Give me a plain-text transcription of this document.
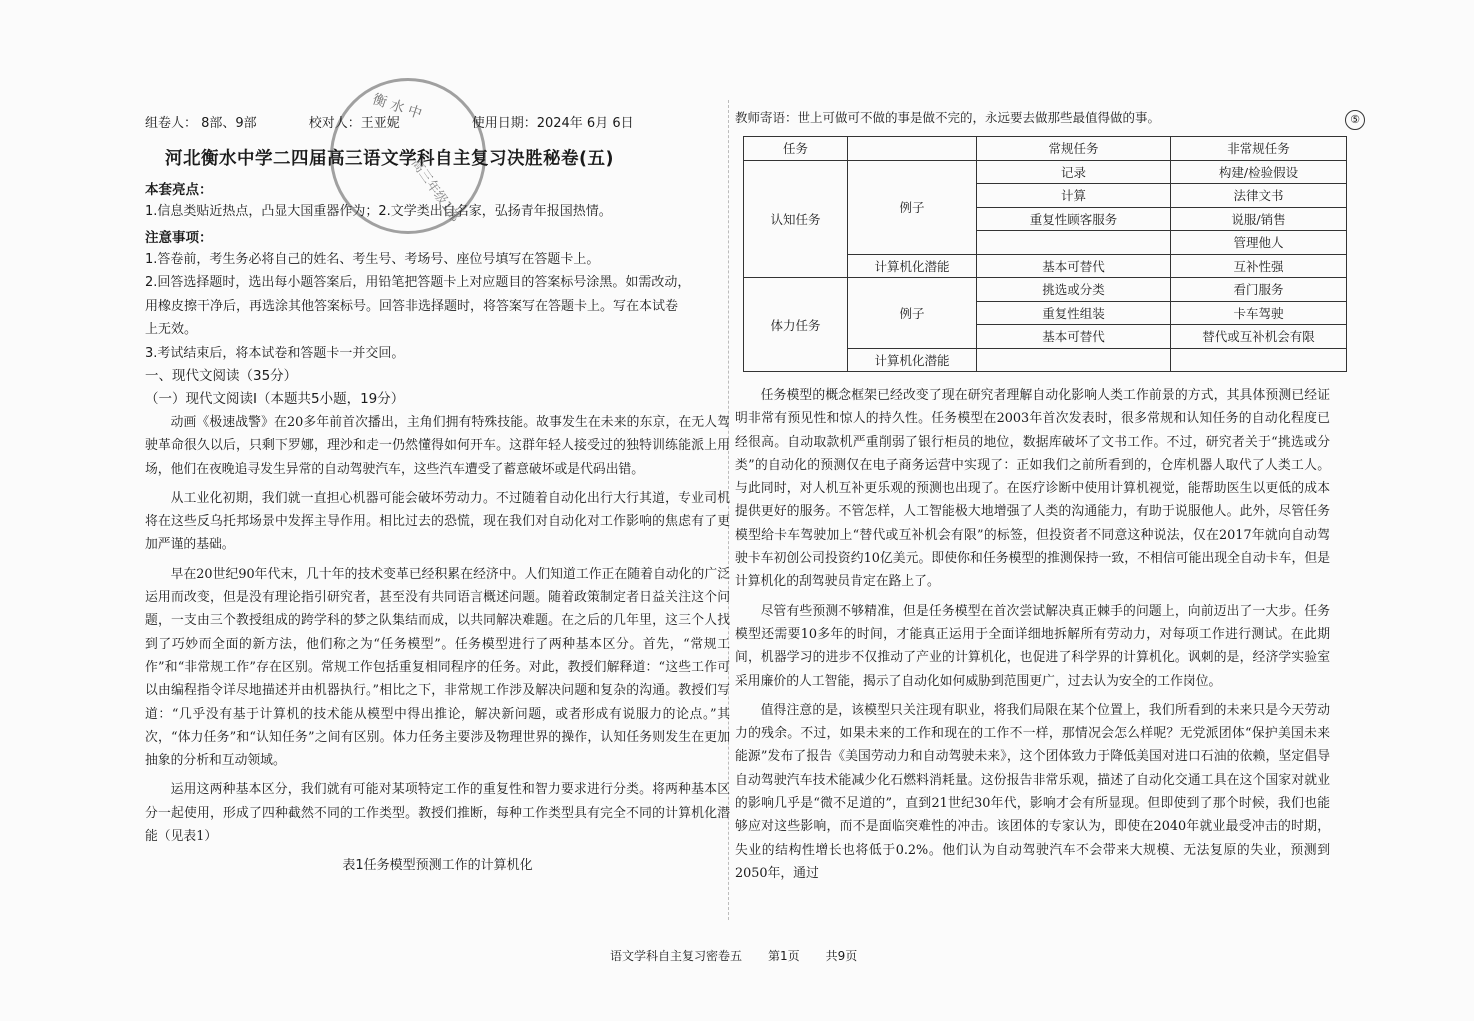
衡 水 中
高三年级1部
组卷人： 8部、9部	校对人：王亚妮	使用日期：2024年 6月 6日
河北衡水中学二四届高三语文学科自主复习决胜秘卷(五)
本套亮点：
1.信息类贴近热点，凸显大国重器作为；2.文学类出自名家，弘扬青年报国热情。
注意事项：
1.答卷前，考生务必将自己的姓名、考生号、考场号、座位号填写在答题卡上。
2.回答选择题时，选出每小题答案后，用铅笔把答题卡上对应题目的答案标号涂黑。如需改动，
用橡皮擦干净后，再选涂其他答案标号。回答非选择题时，将答案写在答题卡上。写在本试卷
上无效。
3.考试结束后，将本试卷和答题卡一并交回。
一、现代文阅读（35分）
（一）现代文阅读Ⅰ（本题共5小题，19分）

动画《极速战警》在20多年前首次播出，主角们拥有特殊技能。故事发生在未来的东京，在无人驾驶革命很久以后，只剩下罗娜，理沙和走一仍然懂得如何开车。这群年轻人接受过的独特训练能派上用场，他们在夜晚追寻发生异常的自动驾驶汽车，这些汽车遭受了蓄意破坏或是代码出错。

从工业化初期，我们就一直担心机器可能会破坏劳动力。不过随着自动化出行大行其道，专业司机将在这些反乌托邦场景中发挥主导作用。相比过去的恐慌，现在我们对自动化对工作影响的焦虑有了更加严谨的基础。

早在20世纪90年代末，几十年的技术变革已经积累在经济中。人们知道工作正在随着自动化的广泛运用而改变，但是没有理论指引研究者，甚至没有共同语言概述问题。随着政策制定者日益关注这个问题，一支由三个教授组成的跨学科的梦之队集结而成，以共同解决难题。在之后的几年里，这三个人找到了巧妙而全面的新方法，他们称之为“任务模型”。任务模型进行了两种基本区分。首先，“常规工作”和“非常规工作”存在区别。常规工作包括重复相同程序的任务。对此，教授们解释道：“这些工作可以由编程指令详尽地描述并由机器执行。”相比之下，非常规工作涉及解决问题和复杂的沟通。教授们写道：“几乎没有基于计算机的技术能从模型中得出推论，解决新问题，或者形成有说服力的论点。”其次，“体力任务”和“认知任务”之间有区别。体力任务主要涉及物理世界的操作，认知任务则发生在更加抽象的分析和互动领域。

运用这两种基本区分，我们就有可能对某项特定工作的重复性和智力要求进行分类。将两种基本区分一起使用，形成了四种截然不同的工作类型。教授们推断，每种工作类型具有完全不同的计算机化潜能（见表1）

表1任务模型预测工作的计算机化
教师寄语：世上可做可不做的事是做不完的，永远要去做那些最值得做的事。
任务		常规任务	非常规任务
认知任务	例子	记录	构建/检验假设
		计算	法律文书
		重复性顾客服务	说服/销售
			管理他人
	计算机化潜能	基本可替代	互补性强

体力任务	例子	挑选或分类	看门服务
		重复性组装	卡车驾驶
		基本可替代	替代或互补机会有限
	计算机化潜能		

任务模型的概念框架已经改变了现在研究者理解自动化影响人类工作前景的方式，其具体预测已经证明非常有预见性和惊人的持久性。任务模型在2003年首次发表时，很多常规和认知任务的自动化程度已经很高。自动取款机严重削弱了银行柜员的地位，数据库破坏了文书工作。不过，研究者关于“挑选或分类”的自动化的预测仅在电子商务运营中实现了：正如我们之前所看到的，仓库机器人取代了人类工人。与此同时，对人机互补更乐观的预测也出现了。在医疗诊断中使用计算机视觉，能帮助医生以更低的成本提供更好的服务。不管怎样，人工智能极大地增强了人类的沟通能力，有助于说服他人。此外，尽管任务模型给卡车驾驶加上“替代或互补机会有限”的标签，但投资者不同意这种说法，仅在2017年就向自动驾驶卡车初创公司投资约10亿美元。即使你和任务模型的推测保持一致，不相信可能出现全自动卡车，但是计算机化的刮驾驶员肯定在路上了。

尽管有些预测不够精准，但是任务模型在首次尝试解决真正棘手的问题上，向前迈出了一大步。任务模型还需要10多年的时间，才能真正运用于全面详细地拆解所有劳动力，对每项工作进行测试。在此期间，机器学习的进步不仅推动了产业的计算机化，也促进了科学界的计算机化。讽刺的是，经济学实验室采用廉价的人工智能，揭示了自动化如何威胁到范围更广，过去认为安全的工作岗位。

值得注意的是，该模型只关注现有职业，将我们局限在某个位置上，我们所看到的未来只是今天劳动力的残余。不过，如果未来的工作和现在的工作不一样，那情况会怎么样呢？无党派团体“保护美国未来能源”发布了报告《美国劳动力和自动驾驶未来》，这个团体致力于降低美国对进口石油的依赖，坚定倡导自动驾驶汽车技术能减少化石燃料消耗量。这份报告非常乐观，描述了自动化交通工具在这个国家对就业的影响几乎是“微不足道的”，直到21世纪30年代，影响才会有所显现。但即使到了那个时候，我们也能够应对这些影响，而不是面临突难性的冲击。该团体的专家认为，即使在2040年就业最受冲击的时期，失业的结构性增长也将低于0.2%。他们认为自动驾驶汽车不会带来大规模、无法复原的失业，预测到2050年，通过

⑤
语文学科自主复习密卷五 第1页 共9页
